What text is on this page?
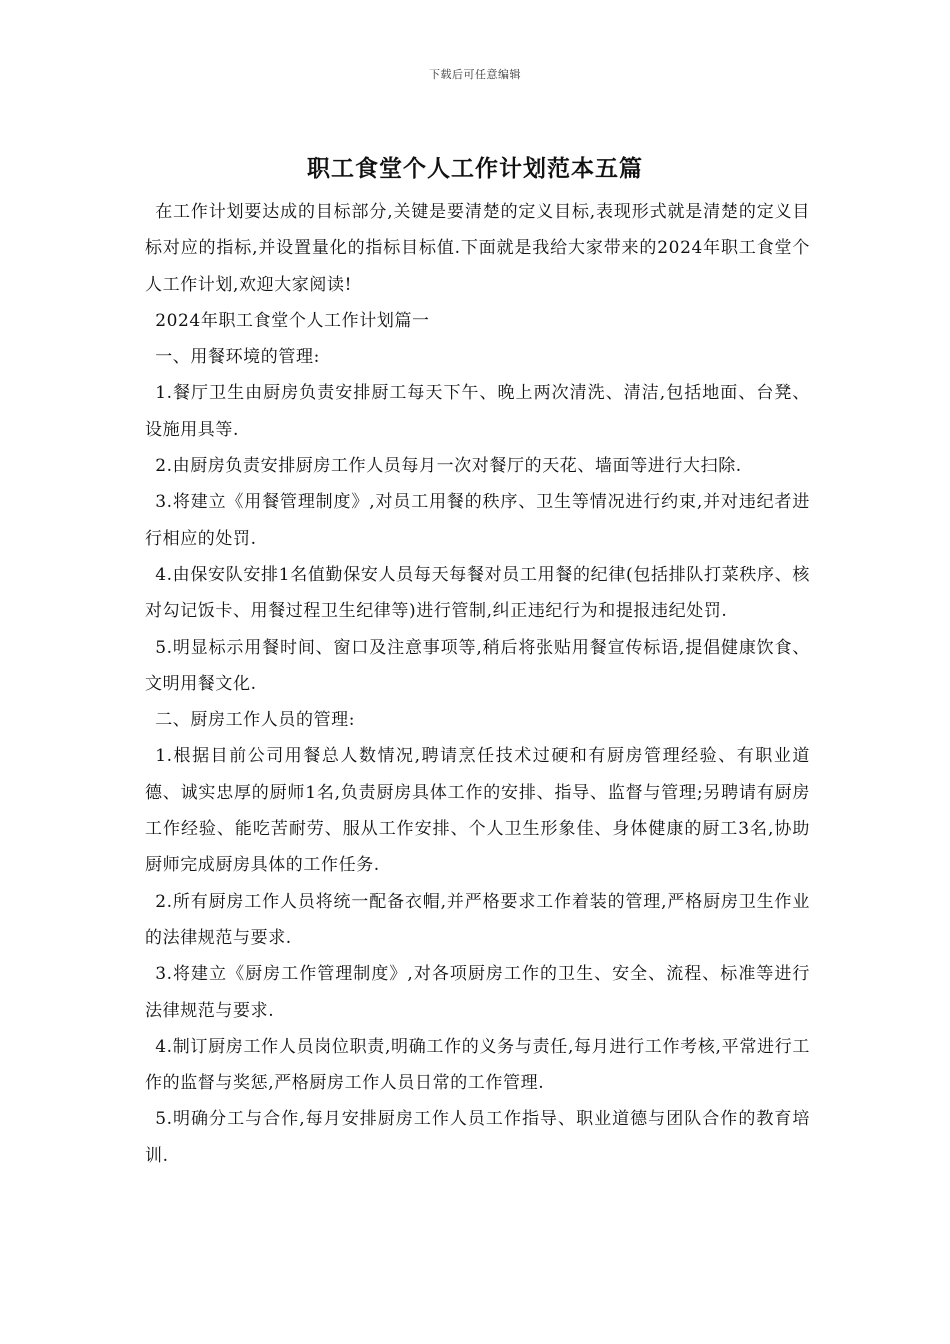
下载后可任意编辑
职工食堂个人工作计划范本五篇

在工作计划要达成的目标部分,关键是要清楚的定义目标,表现形式就是清楚的定义目标对应的指标,并设置量化的指标目标值.下面就是我给大家带来的2024年职工食堂个人工作计划,欢迎大家阅读!

2024年职工食堂个人工作计划篇一

一、用餐环境的管理:

1.餐厅卫生由厨房负责安排厨工每天下午、晚上两次清洗、清洁,包括地面、台凳、设施用具等.

2.由厨房负责安排厨房工作人员每月一次对餐厅的天花、墙面等进行大扫除.

3.将建立《用餐管理制度》,对员工用餐的秩序、卫生等情况进行约束,并对违纪者进行相应的处罚.

4.由保安队安排1名值勤保安人员每天每餐对员工用餐的纪律(包括排队打菜秩序、核对勾记饭卡、用餐过程卫生纪律等)进行管制,纠正违纪行为和提报违纪处罚.

5.明显标示用餐时间、窗口及注意事项等,稍后将张贴用餐宣传标语,提倡健康饮食、文明用餐文化.

二、厨房工作人员的管理:

1.根据目前公司用餐总人数情况,聘请烹任技术过硬和有厨房管理经验、有职业道德、诚实忠厚的厨师1名,负责厨房具体工作的安排、指导、监督与管理;另聘请有厨房工作经验、能吃苦耐劳、服从工作安排、个人卫生形象佳、身体健康的厨工3名,协助厨师完成厨房具体的工作任务.

2.所有厨房工作人员将统一配备衣帽,并严格要求工作着装的管理,严格厨房卫生作业的法律规范与要求.

3.将建立《厨房工作管理制度》,对各项厨房工作的卫生、安全、流程、标准等进行法律规范与要求.

4.制订厨房工作人员岗位职责,明确工作的义务与责任,每月进行工作考核,平常进行工作的监督与奖惩,严格厨房工作人员日常的工作管理.

5.明确分工与合作,每月安排厨房工作人员工作指导、职业道德与团队合作的教育培训.
